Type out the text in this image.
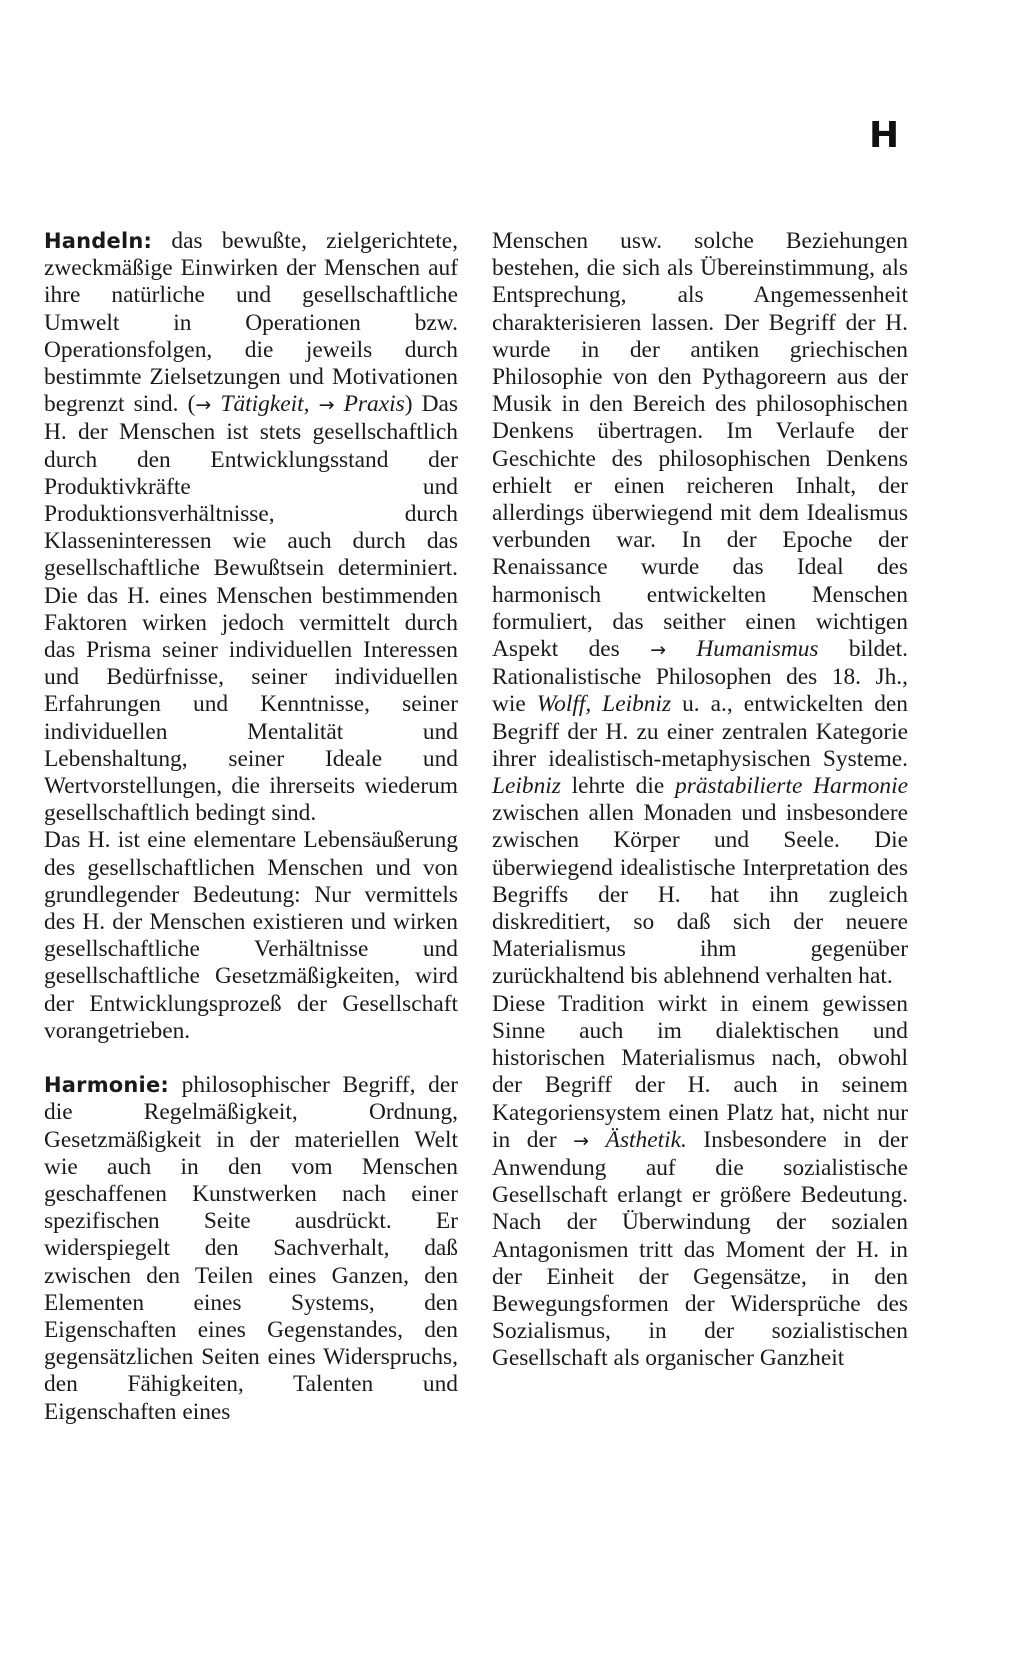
H

Handeln: das bewußte, zielgerichtete, zweckmäßige Einwirken der Menschen auf ihre natürliche und gesellschaftliche Umwelt in Operationen bzw. Operationsfolgen, die jeweils durch bestimmte Zielsetzungen und Motivationen begrenzt sind. (→ Tätigkeit, → Praxis) Das H. der Menschen ist stets gesellschaftlich durch den Entwicklungsstand der Produktivkräfte und Produktionsverhältnisse, durch Klasseninteressen wie auch durch das gesellschaftliche Bewußtsein determiniert. Die das H. eines Menschen bestimmenden Faktoren wirken jedoch vermittelt durch das Prisma seiner individuellen Interessen und Bedürfnisse, seiner individuellen Erfahrungen und Kenntnisse, seiner individuellen Mentalität und Lebenshaltung, seiner Ideale und Wertvorstellungen, die ihrerseits wiederum gesellschaftlich bedingt sind.

Das H. ist eine elementare Lebensäußerung des gesellschaftlichen Menschen und von grundlegender Bedeutung: Nur vermittels des H. der Menschen existieren und wirken gesellschaftliche Verhältnisse und gesellschaftliche Gesetzmäßigkeiten, wird der Entwicklungsprozeß der Gesellschaft vorangetrieben.

Harmonie: philosophischer Begriff, der die Regelmäßigkeit, Ordnung, Gesetzmäßigkeit in der materiellen Welt wie auch in den vom Menschen geschaffenen Kunstwerken nach einer spezifischen Seite ausdrückt. Er widerspiegelt den Sachverhalt, daß zwischen den Teilen eines Ganzen, den Elementen eines Systems, den Eigenschaften eines Gegenstandes, den gegensätzlichen Seiten eines Widerspruchs, den Fähigkeiten, Talenten und Eigenschaften eines

Menschen usw. solche Beziehungen bestehen, die sich als Übereinstimmung, als Entsprechung, als Angemessenheit charakterisieren lassen. Der Begriff der H. wurde in der antiken griechischen Philosophie von den Pythagoreern aus der Musik in den Bereich des philosophischen Denkens übertragen. Im Verlaufe der Geschichte des philosophischen Denkens erhielt er einen reicheren Inhalt, der allerdings überwiegend mit dem Idealismus verbunden war. In der Epoche der Renaissance wurde das Ideal des harmonisch entwickelten Menschen formuliert, das seither einen wichtigen Aspekt des → Humanismus bildet. Rationalistische Philosophen des 18. Jh., wie Wolff, Leibniz u. a., entwickelten den Begriff der H. zu einer zentralen Kategorie ihrer idealistisch-metaphysischen Systeme. Leibniz lehrte die prästabilierte Harmonie zwischen allen Monaden und insbesondere zwischen Körper und Seele. Die überwiegend idealistische Interpretation des Begriffs der H. hat ihn zugleich diskreditiert, so daß sich der neuere Materialismus ihm gegenüber zurückhaltend bis ablehnend verhalten hat.

Diese Tradition wirkt in einem gewissen Sinne auch im dialektischen und historischen Materialismus nach, obwohl der Begriff der H. auch in seinem Kategoriensystem einen Platz hat, nicht nur in der → Ästhetik. Insbesondere in der Anwendung auf die sozialistische Gesellschaft erlangt er größere Bedeutung. Nach der Überwindung der sozialen Antagonismen tritt das Moment der H. in der Einheit der Gegensätze, in den Bewegungsformen der Widersprüche des Sozialismus, in der sozialistischen Gesellschaft als organischer Ganzheit
